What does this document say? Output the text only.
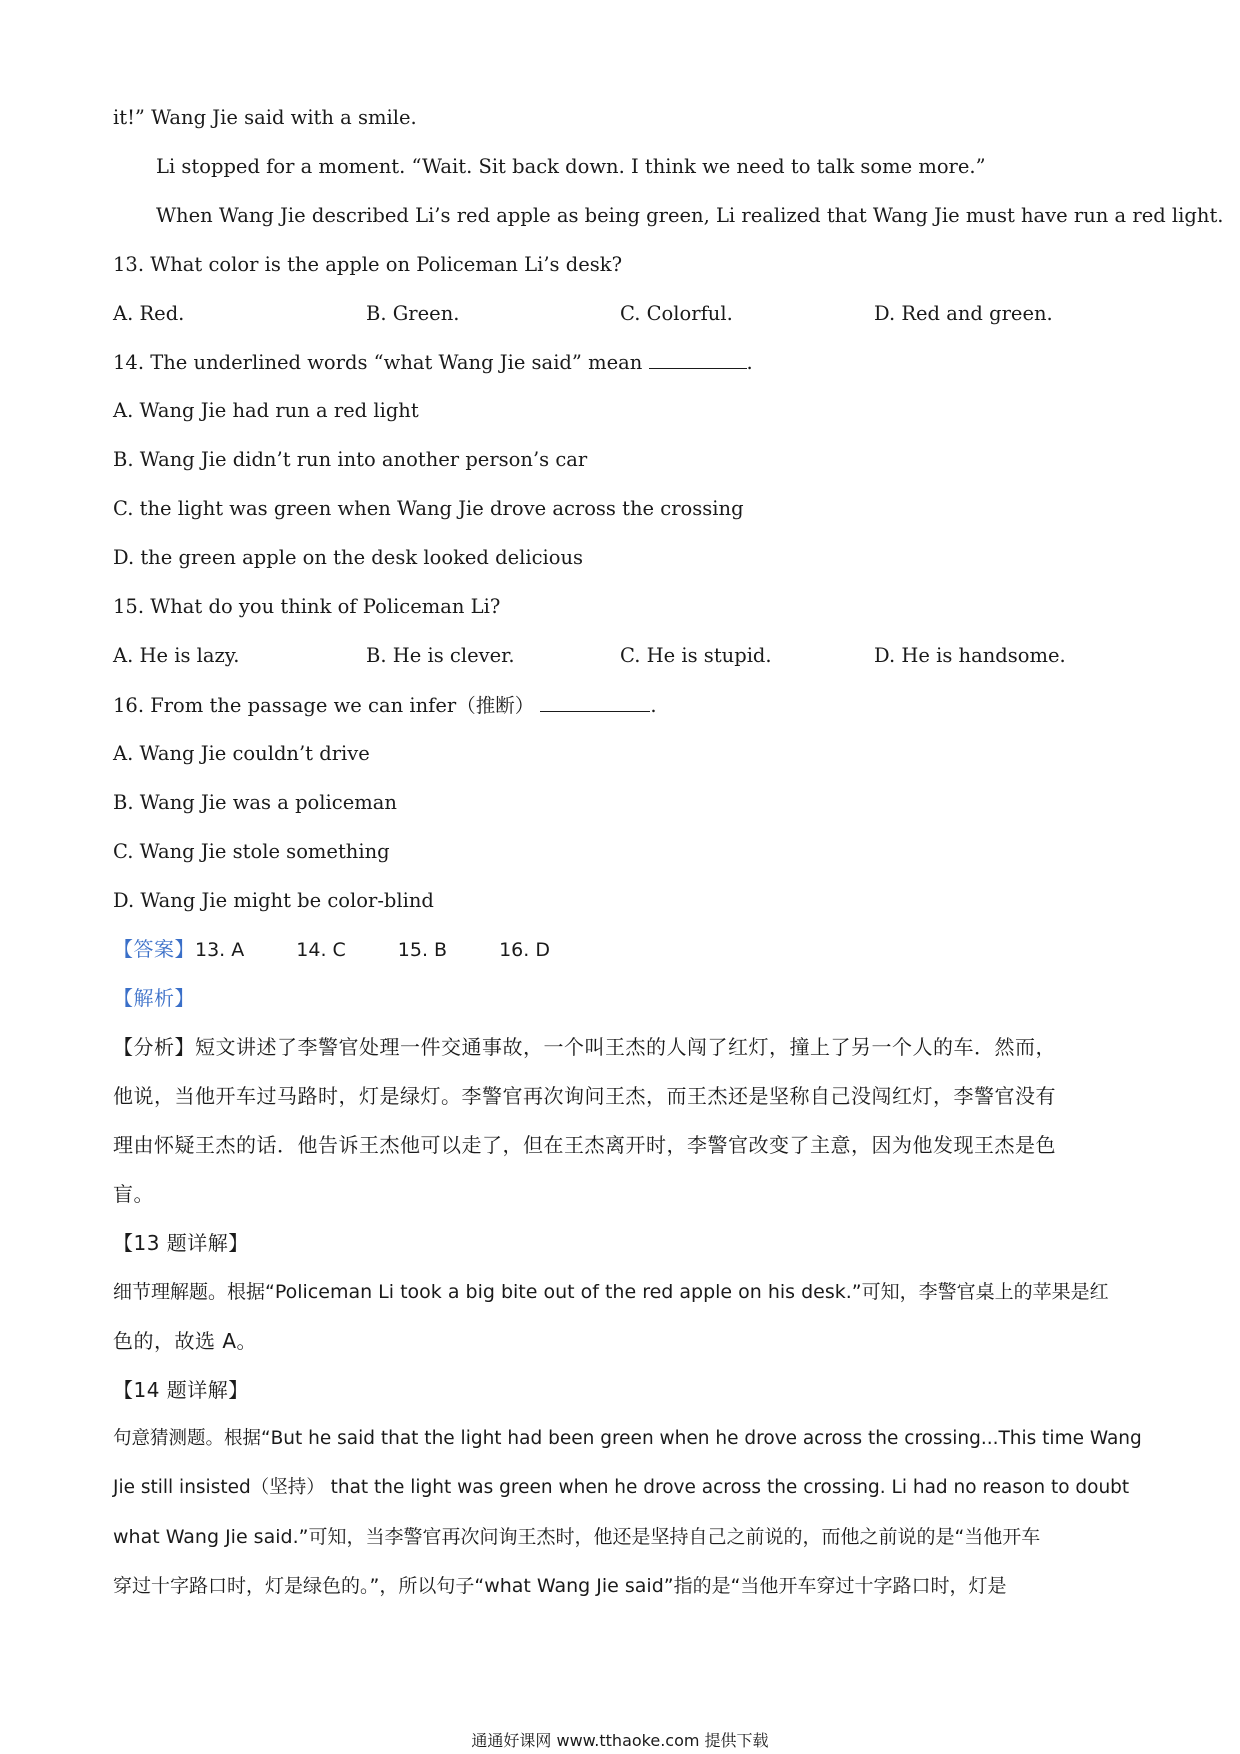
it!” Wang Jie said with a smile.
Li stopped for a moment. “Wait. Sit back down. I think we need to talk some more.”
When Wang Jie described Li’s red apple as being green, Li realized that Wang Jie must have run a red light.
13. What color is the apple on Policeman Li’s desk?
A. Red.	B. Green.	C. Colorful.	D. Red and green.
14. The underlined words “what Wang Jie said” mean	.
A. Wang Jie had run a red light
B. Wang Jie didn’t run into another person’s car
C. the light was green when Wang Jie drove across the crossing
D. the green apple on the desk looked delicious
15. What do you think of Policeman Li?
A. He is lazy.	B. He is clever.	C. He is stupid.	D. He is handsome.
16. From the passage we can infer（推断）	.
A. Wang Jie couldn’t drive
B. Wang Jie was a policeman
C. Wang Jie stole something
D. Wang Jie might be color-blind
【答案】13. A	14. C	15. B	16. D
【解析】
【分析】短文讲述了李警官处理一件交通事故，一个叫王杰的人闯了红灯，撞上了另一个人的车．然而，
他说，当他开车过马路时，灯是绿灯。李警官再次询问王杰，而王杰还是坚称自己没闯红灯，李警官没有
理由怀疑王杰的话．他告诉王杰他可以走了，但在王杰离开时，李警官改变了主意，因为他发现王杰是色
盲。
【13 题详解】
细节理解题。根据“Policeman Li took a big bite out of the red apple on his desk.”可知，李警官桌上的苹果是红
色的，故选 A。
【14 题详解】
句意猜测题。根据“But he said that the light had been green when he drove across the crossing...This time Wang
Jie still insisted（坚持） that the light was green when he drove across the crossing. Li had no reason to doubt
what Wang Jie said.”可知，当李警官再次问询王杰时，他还是坚持自己之前说的，而他之前说的是“当他开车
穿过十字路口时，灯是绿色的。”，所以句子“what Wang Jie said”指的是“当他开车穿过十字路口时，灯是
通通好课网 www.tthaoke.com 提供下载
